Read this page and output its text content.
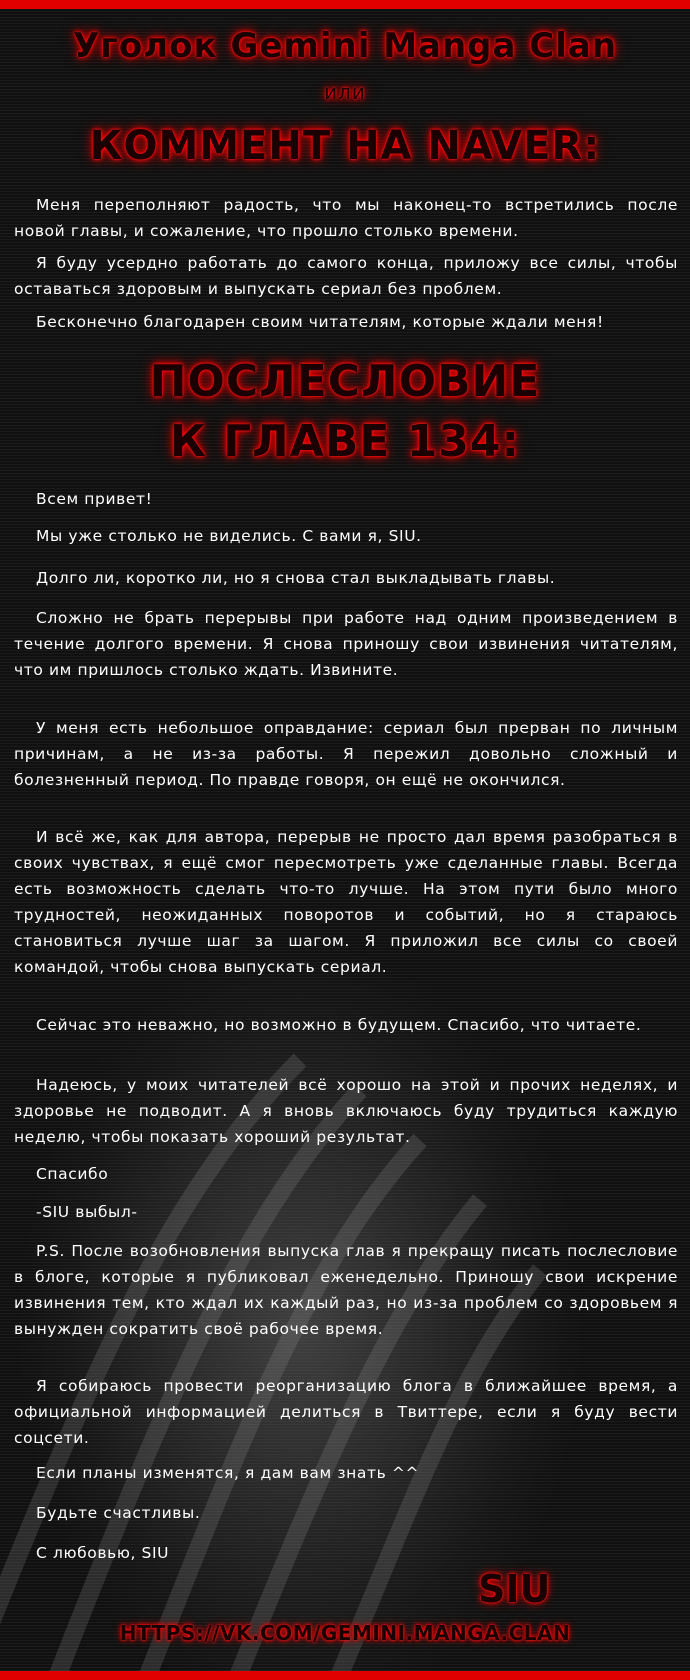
Уголок Gemini Manga Clan
или
КОММЕНТ НА NAVER:

Меня переполняют радость, что мы наконец-то встретились после новой главы, и сожаление, что прошло столько времени.

Я буду усердно работать до самого конца, приложу все силы, чтобы оставаться здоровым и выпускать сериал без проблем.

Бесконечно благодарен своим читателям, которые ждали меня!

ПОСЛЕСЛОВИЕ
К ГЛАВЕ 134:

Всем привет!

Мы уже столько не виделись. С вами я, SIU.

Долго ли, коротко ли, но я снова стал выкладывать главы.

Сложно не брать перерывы при работе над одним произведением в течение долгого времени. Я снова приношу свои извинения читателям, что им пришлось столько ждать. Извините.

У меня есть небольшое оправдание: сериал был прерван по личным причинам, а не из-за работы. Я пережил довольно сложный и болезненный период. По правде говоря, он ещё не окончился.

И всё же, как для автора, перерыв не просто дал время разобраться в своих чувствах, я ещё смог пересмотреть уже сделанные главы. Всегда есть возможность сделать что-то лучше. На этом пути было много трудностей, неожиданных поворотов и событий, но я стараюсь становиться лучше шаг за шагом. Я приложил все силы со своей командой, чтобы снова выпускать сериал.

Сейчас это неважно, но возможно в будущем. Спасибо, что читаете.

Надеюсь, у моих читателей всё хорошо на этой и прочих неделях, и здоровье не подводит. А я вновь включаюсь буду трудиться каждую неделю, чтобы показать хороший результат.

Спасибо

-SIU выбыл-

P.S. После возобновления выпуска глав я прекращу писать послесловие в блоге, которые я публиковал еженедельно. Приношу свои искрение извинения тем, кто ждал их каждый раз, но из-за проблем со здоровьем я вынужден сократить своё рабочее время.

Я собираюсь провести реорганизацию блога в ближайшее время, а официальной информацией делиться в Твиттере, если я буду вести соцсети.

Если планы изменятся, я дам вам знать ^^

Будьте счастливы.

С любовью, SIU

SIU
HTTPS://VK.COM/GEMINI.MANGA.CLAN
